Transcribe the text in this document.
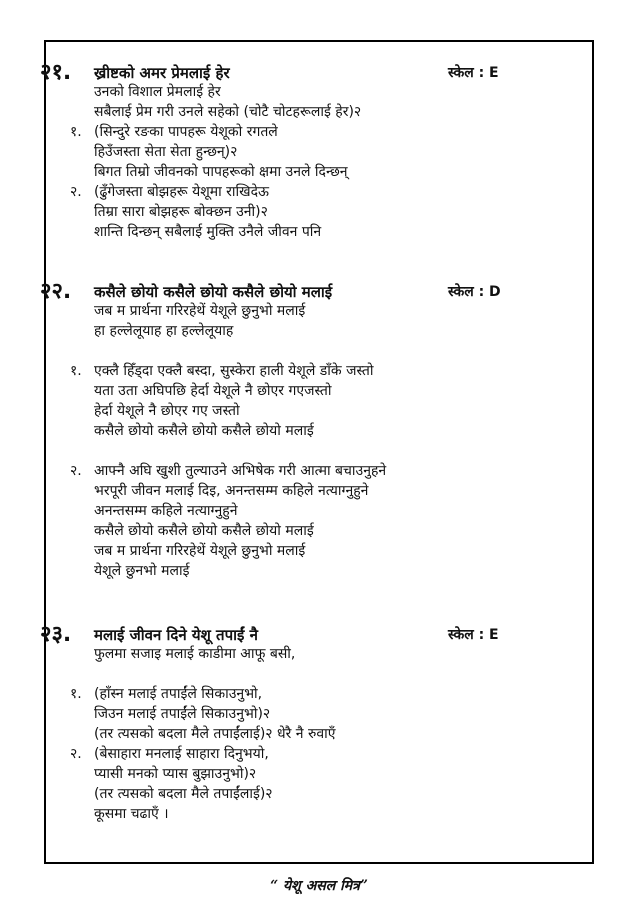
२१. ख्रीष्टको अमर प्रेमलाई हेर	स्केल : E
उनको विशाल प्रेमलाई हेर
सबैलाई प्रेम गरी उनले सहेको (चोटै चोटहरूलाई हेर)२
१. (सिन्दुरे रङका पापहरू येशूको रगतले
हिउँजस्ता सेता सेता हुन्छन्)२
बिगत तिम्रो जीवनको पापहरूको क्षमा उनले दिन्छन्
२. (ढुँगेजस्ता बोझहरू येशूमा राखिदेऊ
तिम्रा सारा बोझहरू बोक्छन उनी)२
शान्ति दिन्छन् सबैलाई मुक्ति उनैले जीवन पनि
२२. कसैले छोयो कसैले छोयो कसैले छोयो मलाई	स्केल : D
जब म प्रार्थना गरिरहेथें येशूले छुनुभो मलाई
हा हल्लेलूयाह हा हल्लेलूयाह
१. एक्लै हिँड्दा एक्लै बस्दा, सुस्केरा हाली येशूले डाँके जस्तो
यता उता अघिपछि हेर्दा येशूले नै छोएर गएजस्तो
हेर्दा येशूले नै छोएर गए जस्तो
कसैले छोयो कसैले छोयो कसैले छोयो मलाई
२. आफ्नै अघि खुशी तुल्याउने अभिषेक गरी आत्मा बचाउनुहने
भरपूरी जीवन मलाई दिइ, अनन्तसम्म कहिले नत्याग्नुहुने
अनन्तसम्म कहिले नत्याग्नुहुने
कसैले छोयो कसैले छोयो कसैले छोयो मलाई
जब म प्रार्थना गरिरहेथें येशूले छुनुभो मलाई
येशूले छुनभो मलाई
२३. मलाई जीवन दिने येशू तपाईं नै	स्केल : E
फुलमा सजाइ मलाई काडीमा आफू बसी,
१. (हाँस्न मलाई तपाईंले सिकाउनुभो,
जिउन मलाई तपाईंले सिकाउनुभो)२
(तर त्यसको बदला मैले तपाईंलाई)२ धेरै नै रुवाएँ
२. (बेसाहारा मनलाई साहारा दिनुभयो,
प्यासी मनको प्यास बुझाउनुभो)२
(तर त्यसको बदला मैले तपाईंलाई)२
कूसमा चढाएँ ।
“ येशू असल मित्र”
